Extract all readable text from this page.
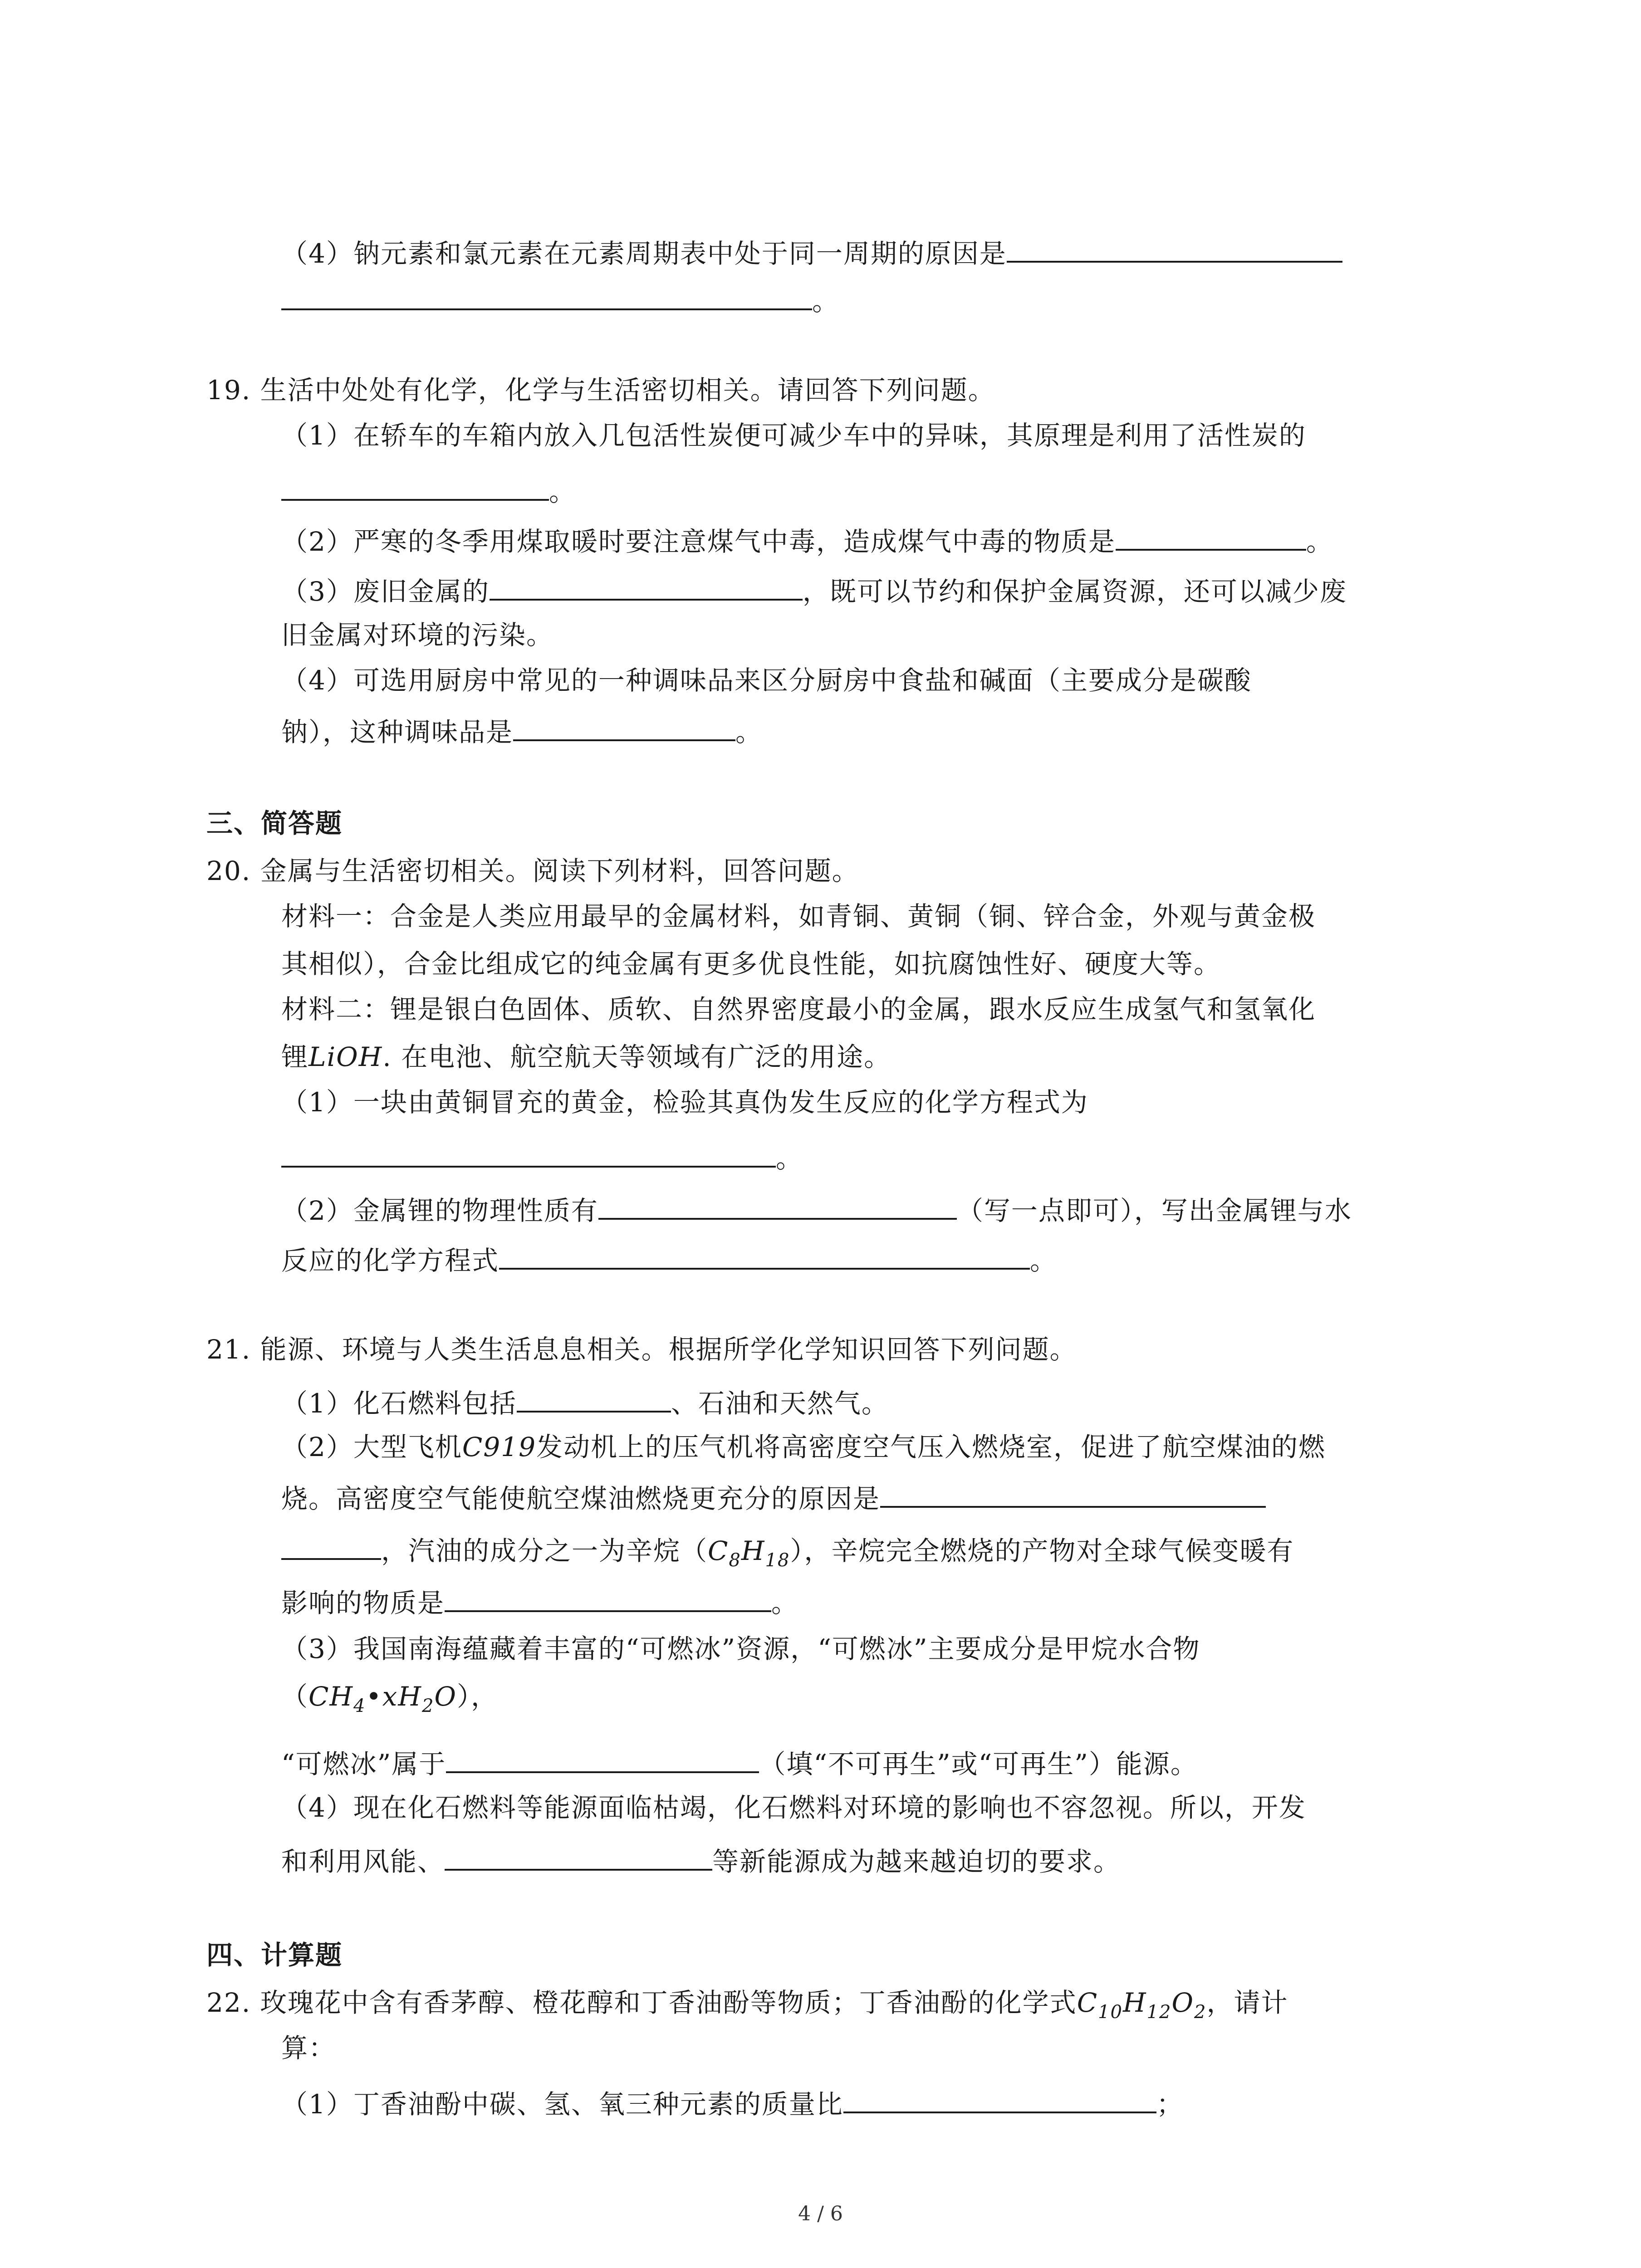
（4）钠元素和氯元素在元素周期表中处于同一周期的原因是
。
19. 生活中处处有化学，化学与生活密切相关。请回答下列问题。
（1）在轿车的车箱内放入几包活性炭便可减少车中的异味，其原理是利用了活性炭的
。
（2）严寒的冬季用煤取暖时要注意煤气中毒，造成煤气中毒的物质是	。
（3）废旧金属的	，既可以节约和保护金属资源，还可以减少废
旧金属对环境的污染。
（4）可选用厨房中常见的一种调味品来区分厨房中食盐和碱面（主要成分是碳酸
钠），这种调味品是	。
三、简答题
20. 金属与生活密切相关。阅读下列材料，回答问题。
材料一：合金是人类应用最早的金属材料，如青铜、黄铜（铜、锌合金，外观与黄金极
其相似），合金比组成它的纯金属有更多优良性能，如抗腐蚀性好、硬度大等。
材料二：锂是银白色固体、质软、自然界密度最小的金属，跟水反应生成氢气和氢氧化
锂LiOH. 在电池、航空航天等领域有广泛的用途。
（1）一块由黄铜冒充的黄金，检验其真伪发生反应的化学方程式为
。
（2）金属锂的物理性质有	（写一点即可），写出金属锂与水
反应的化学方程式	。
21. 能源、环境与人类生活息息相关。根据所学化学知识回答下列问题。
（1）化石燃料包括	、石油和天然气。
（2）大型飞机C919发动机上的压气机将高密度空气压入燃烧室，促进了航空煤油的燃
烧。高密度空气能使航空煤油燃烧更充分的原因是
，汽油的成分之一为辛烷$(C_8H_{18})$，辛烷完全燃烧的产物对全球气候变暖有
影响的物质是	。
（3）我国南海蕴藏着丰富的“可燃冰”资源，“可燃冰”主要成分是甲烷水合物
$(CH_4•xH_2O)$，
“可燃冰”属于	（填“不可再生”或“可再生”）能源。
（4）现在化石燃料等能源面临枯竭，化石燃料对环境的影响也不容忽视。所以，开发
和利用风能、	等新能源成为越来越迫切的要求。
四、计算题
22. 玫瑰花中含有香茅醇、橙花醇和丁香油酚等物质；丁香油酚的化学式$C_{10}H_{12}O_2$，请计
算：
（1）丁香油酚中碳、氢、氧三种元素的质量比	；
4 / 6
